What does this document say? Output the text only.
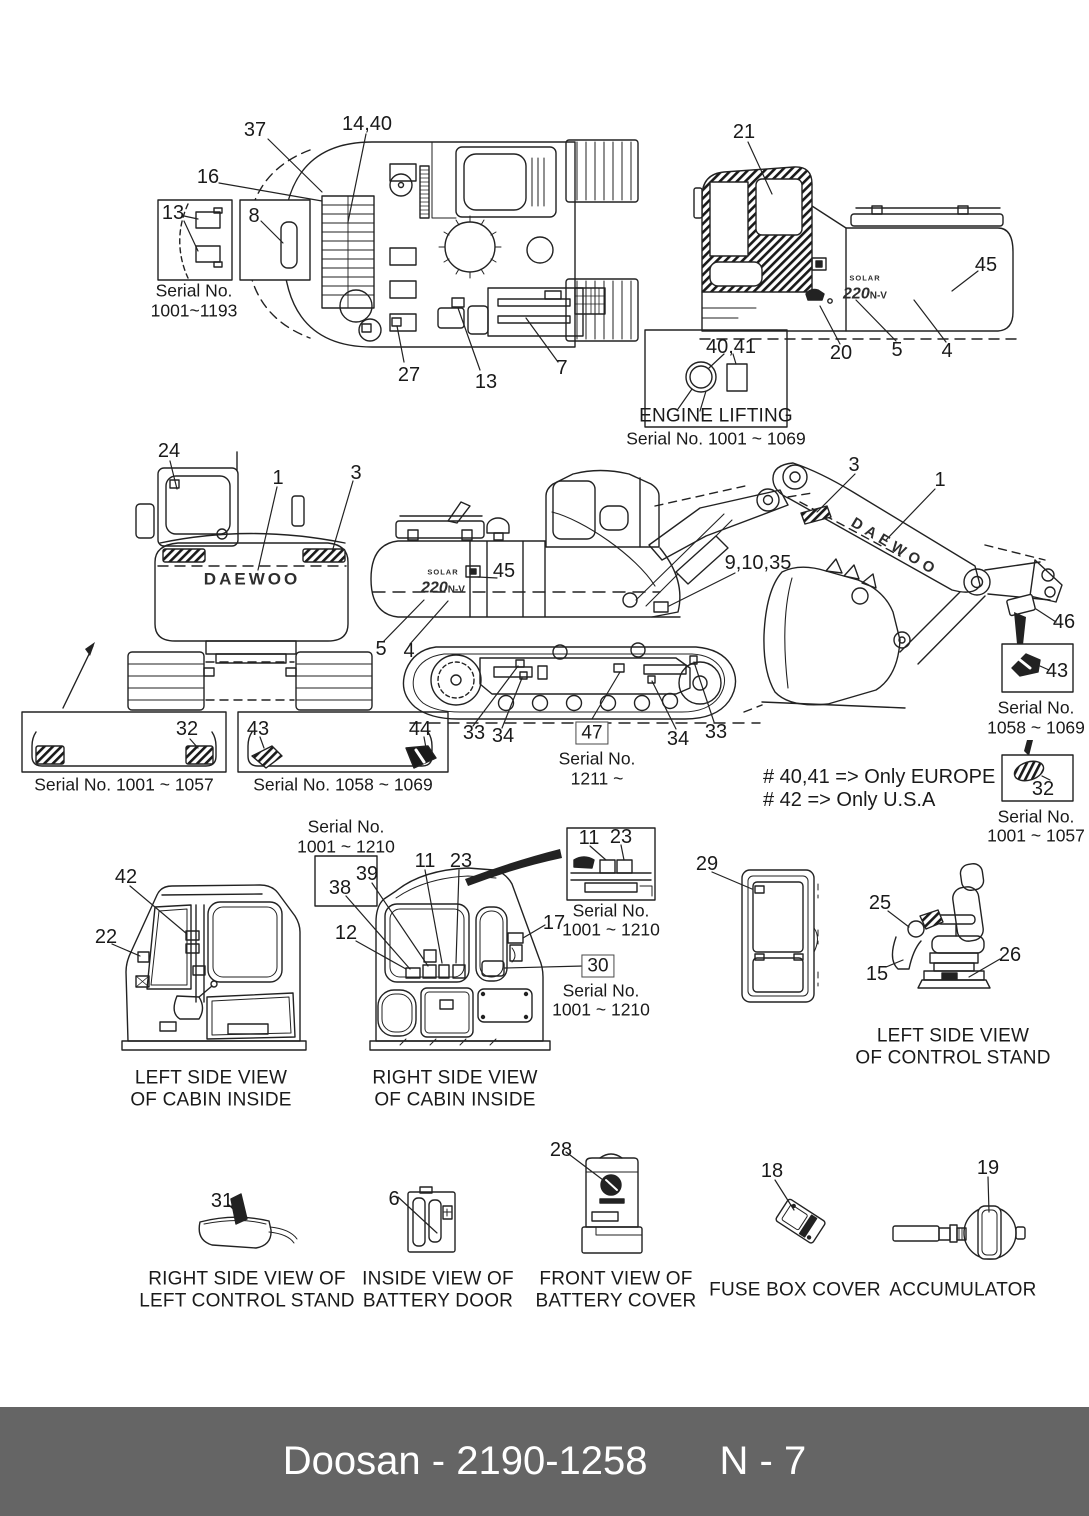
37	14,40
16
13	8
Serial No.
1001~1193
27	13
7
21
45
20 5 4
SOLAR
220N-V
40,41
ENGINE LIFTING
Serial No. 1001 ~ 1069
24
1	3
DAEWOO
32
Serial No. 1001 ~ 1057
43	44
Serial No. 1058 ~ 1069
45
SOLAR
220N-V
5 4
9,10,35
33 34	47
Serial No.
1211 ~
34 33
3
1
DAEWOO
46
43
Serial No.
1058 ~ 1069
32
Serial No.
1001 ~ 1057
# 40,41 => Only EUROPE
# 42 => Only U.S.A
42
22
Serial No.
1001 ~ 1210
39
38
12
11 23
17
11 23
Serial No.
1001 ~ 1210
30
Serial No.
1001 ~ 1210
LEFT SIDE VIEW
OF CABIN INSIDE
RIGHT SIDE VIEW
OF CABIN INSIDE
29
25
15
26
LEFT SIDE VIEW
OF CONTROL STAND
31	6
28
18	19
RIGHT SIDE VIEW OF
LEFT CONTROL STAND
INSIDE VIEW OF
BATTERY DOOR
FRONT VIEW OF
BATTERY COVER
FUSE BOX COVER ACCUMULATOR
Doosan - 2190-1258 N - 7
